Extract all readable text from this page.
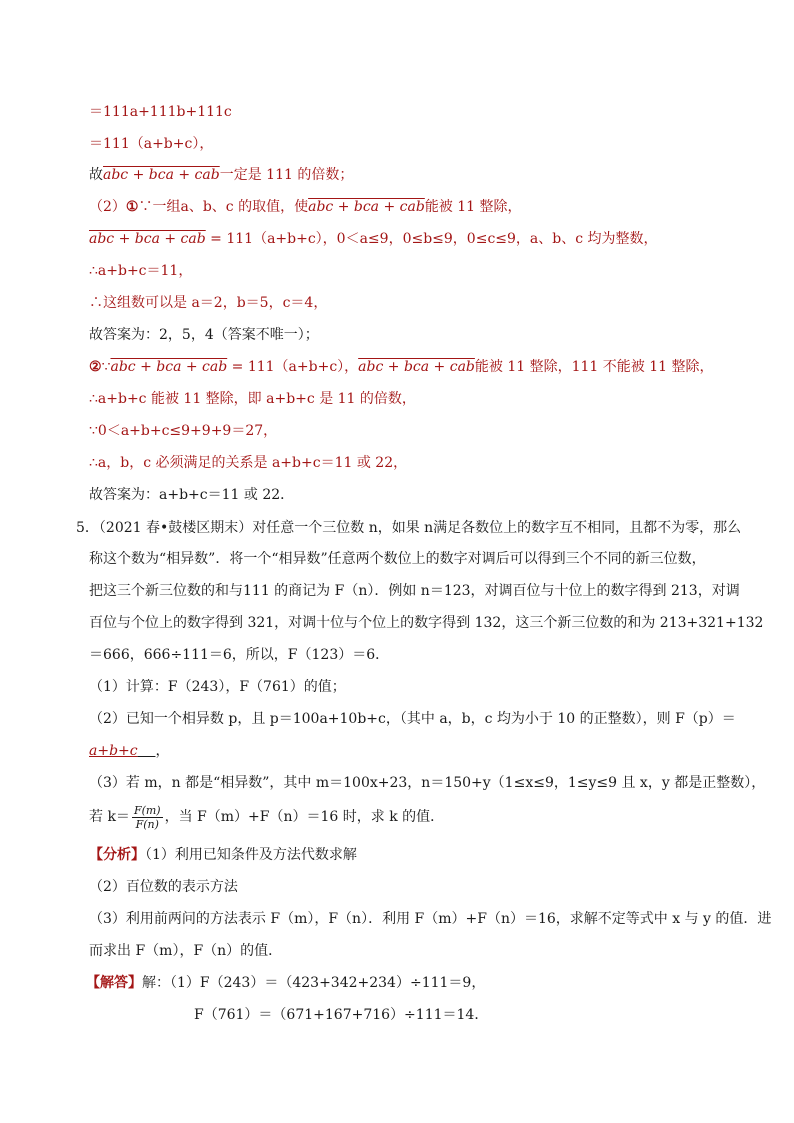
＝111a+111b+111c
＝111（a+b+c），
故abc + bca + cab一定是 111 的倍数；
（2）①∵一组a、b、c 的取值，使abc + bca + cab能被 11 整除，
abc + bca + cab = 111（a+b+c），0＜a≤9，0≤b≤9，0≤c≤9，a、b、c 均为整数，
∴a+b+c＝11，
∴这组数可以是 a＝2，b＝5，c＝4，
故答案为：2，5，4（答案不唯一）；
②∵abc + bca + cab = 111（a+b+c），abc + bca + cab能被 11 整除，111 不能被 11 整除，
∴a+b+c 能被 11 整除，即 a+b+c 是 11 的倍数，
∵0＜a+b+c≤9+9+9＝27，
∴a，b，c 必须满足的关系是 a+b+c＝11 或 22，
故答案为：a+b+c＝11 或 22．
5．（2021 春•鼓楼区期末）对任意一个三位数 n，如果 n满足各数位上的数字互不相同，且都不为零，那么
称这个数为“相异数”．将一个“相异数”任意两个数位上的数字对调后可以得到三个不同的新三位数，
把这三个新三位数的和与111 的商记为 F（n）．例如 n＝123，对调百位与十位上的数字得到 213，对调
百位与个位上的数字得到 321，对调十位与个位上的数字得到 132，这三个新三位数的和为 213+321+132
＝666，666÷111＝6，所以，F（123）＝6．
（1）计算：F（243），F（761）的值；
（2）已知一个相异数 p，且 p＝100a+10b+c，（其中 a，b，c 均为小于 10 的正整数），则 F（p）＝
a+b+c ，
（3）若 m，n 都是“相异数”，其中 m＝100x+23，n＝150+y（1≤x≤9，1≤y≤9 且 x，y 都是正整数），
若 $k= \frac{F(m)}{F(n)}$ ，当 F（m）+F（n）＝16 时，求 k 的值．
【分析】（1）利用已知条件及方法代数求解
（2）百位数的表示方法
（3）利用前两问的方法表示 F（m），F（n）．利用 F（m）+F（n）＝16，求解不定等式中 x 与 y 的值．进
而求出 F（m），F（n）的值．
【解答】解：（1）F（243）＝（423+342+234）÷111＝9，
F（761）＝（671+167+716）÷111＝14．
